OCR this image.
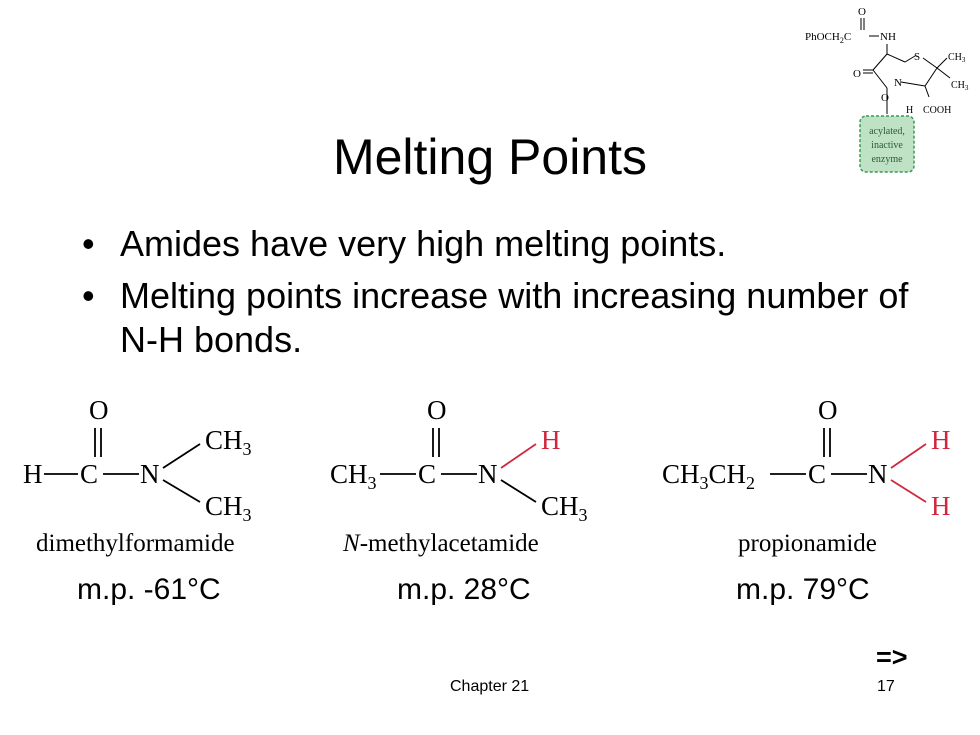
O
PhOCH$_2$C	NH
S
N
O
O
H
$CH_3$
$CH_3$
COOH
acylated,
inactive
enzyme
Melting Points
• Amides have very high melting points.
• Melting points increase with increasing number of N-H bonds.
O
H C N
$CH_3$
$CH_3$
dimethylformamide
O
$CH_3$ C N
H
$CH_3$
N-methylacetamide
O
$CH_3CH_2$ C N
H
H
propionamide
m.p. -61°C	m.p. 28°C	m.p. 79°C
=>
Chapter 21	17
